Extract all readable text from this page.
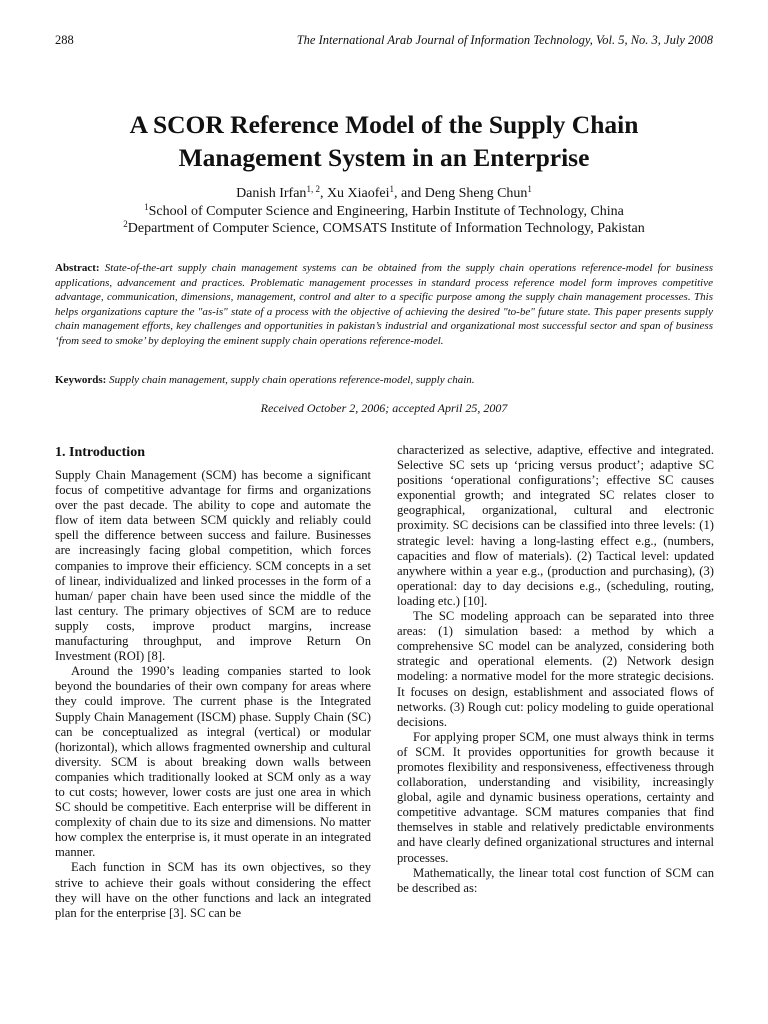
288	The International Arab Journal of Information Technology, Vol. 5, No. 3, July 2008
A SCOR Reference Model of the Supply Chain
Management System in an Enterprise
Danish Irfan$^{1, 2}$, Xu Xiaofei$^1$, and Deng Sheng Chun$^1$
$^1$School of Computer Science and Engineering, Harbin Institute of Technology, China
$^2$Department of Computer Science, COMSATS Institute of Information Technology, Pakistan

Abstract: State-of-the-art supply chain management systems can be obtained from the supply chain operations reference-model for business applications, advancement and practices. Problematic management processes in standard process reference model form improves competitive advantage, communication, dimensions, management, control and alter to a specific purpose among the supply chain management processes. This helps organizations capture the "as-is" state of a process with the objective of achieving the desired "to-be" future state. This paper presents supply chain management efforts, key challenges and opportunities in pakistan’s industrial and organizational most successful sector and span of business ‘from seed to smoke’ by deploying the eminent supply chain operations reference-model.

Keywords: Supply chain management, supply chain operations reference-model, supply chain.

Received October 2, 2006; accepted April 25, 2007
1. Introduction

Supply Chain Management (SCM) has become a significant focus of competitive advantage for firms and organizations over the past decade. The ability to cope and automate the flow of item data between SCM quickly and reliably could spell the difference between success and failure. Businesses are increasingly facing global competition, which forces companies to improve their efficiency. SCM concepts in a set of linear, individualized and linked processes in the form of a human/ paper chain have been used since the middle of the last century. The primary objectives of SCM are to reduce supply costs, improve product margins, increase manufacturing throughput, and improve Return On Investment (ROI) [8].

Around the 1990’s leading companies started to look beyond the boundaries of their own company for areas where they could improve. The current phase is the Integrated Supply Chain Management (ISCM) phase. Supply Chain (SC) can be conceptualized as integral (vertical) or modular (horizontal), which allows fragmented ownership and cultural diversity. SCM is about breaking down walls between companies which traditionally looked at SCM only as a way to cut costs; however, lower costs are just one area in which SC should be competitive. Each enterprise will be different in complexity of chain due to its size and dimensions. No matter how complex the enterprise is, it must operate in an integrated manner.

Each function in SCM has its own objectives, so they strive to achieve their goals without considering the effect they will have on the other functions and lack an integrated plan for the enterprise [3]. SC can be

characterized as selective, adaptive, effective and integrated. Selective SC sets up ‘pricing versus product’; adaptive SC positions ‘operational configurations’; effective SC causes exponential growth; and integrated SC relates closer to geographical, organizational, cultural and electronic proximity. SC decisions can be classified into three levels: (1) strategic level: having a long-lasting effect e.g., (numbers, capacities and flow of materials). (2) Tactical level: updated anywhere within a year e.g., (production and purchasing), (3) operational: day to day decisions e.g., (scheduling, routing, loading etc.) [10].

The SC modeling approach can be separated into three areas: (1) simulation based: a method by which a comprehensive SC model can be analyzed, considering both strategic and operational elements. (2) Network design modeling: a normative model for the more strategic decisions. It focuses on design, establishment and associated flows of networks. (3) Rough cut: policy modeling to guide operational decisions.

For applying proper SCM, one must always think in terms of SCM. It provides opportunities for growth because it promotes flexibility and responsiveness, effectiveness through collaboration, understanding and visibility, increasingly global, agile and dynamic business operations, certainty and competitive advantage. SCM matures companies that find themselves in stable and relatively predictable environments and have clearly defined organizational structures and internal processes.

Mathematically, the linear total cost function of SCM can be described as:
